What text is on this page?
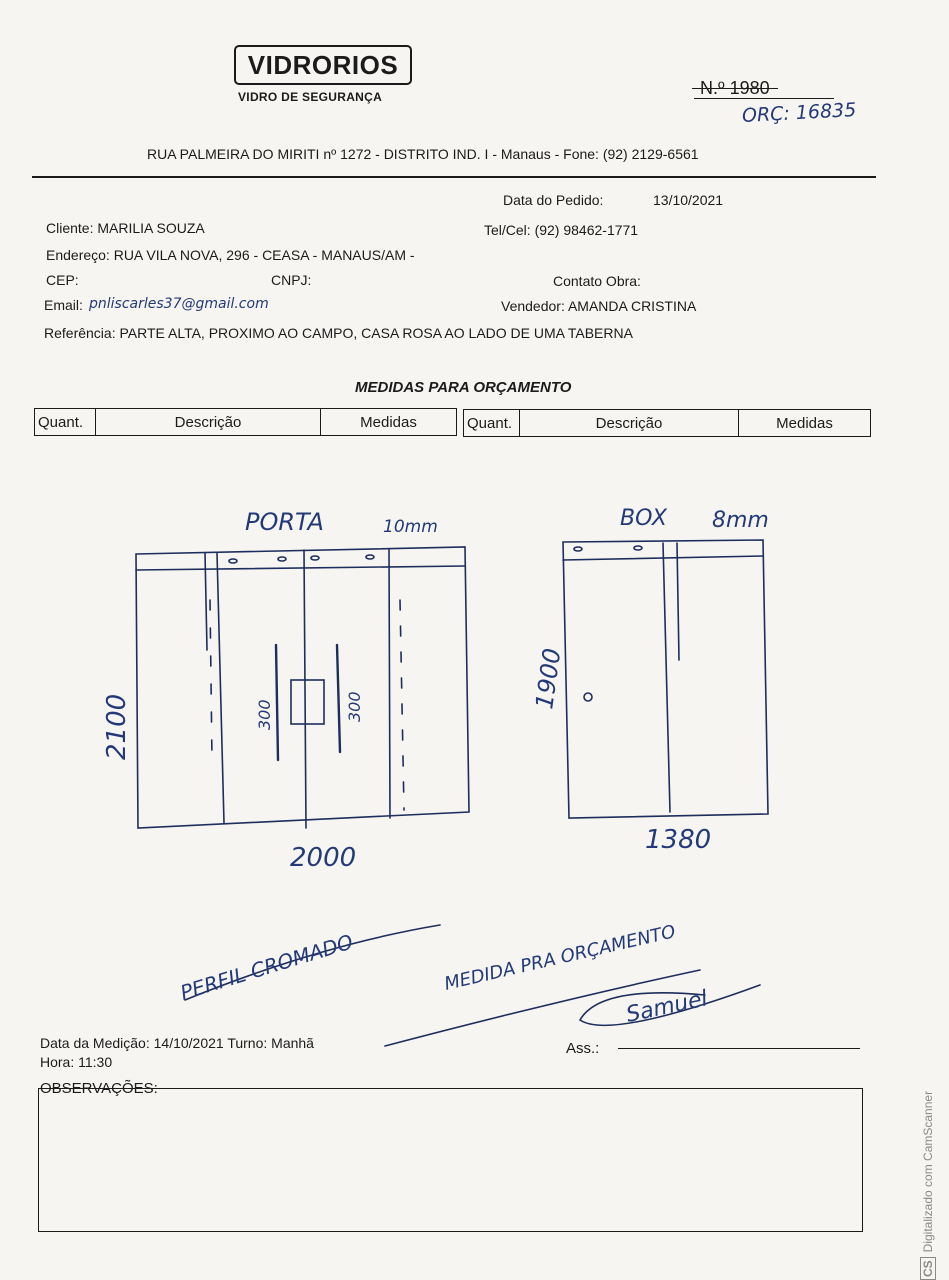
VIDRORIOS
VIDRO DE SEGURANÇA	N.º 1980
ORÇ: 16835
RUA PALMEIRA DO MIRITI nº 1272 - DISTRITO IND. I - Manaus - Fone: (92) 2129-6561
Data do Pedido:	13/10/2021
Cliente: MARILIA SOUZA	Tel/Cel: (92) 98462-1771
Endereço: RUA VILA NOVA, 296 - CEASA - MANAUS/AM -
CEP:	CNPJ:	Contato Obra:
Email: pnliscarles37@gmail.com	Vendedor: AMANDA CRISTINA
Referência: PARTE ALTA, PROXIMO AO CAMPO, CASA ROSA AO LADO DE UMA TABERNA
MEDIDAS PARA ORÇAMENTO
Quant.	Descrição	Medidas	Quant.	Descrição	Medidas
PORTA	10mm	BOX 8mm
2100
2000
300	300	1900
1380
PERFIL CROMADO	MEDIDA PRA ORÇAMENTO
Samuel
Data da Medição: 14/10/2021 Turno: Manhã
Hora: 11:30
Ass.:
OBSERVAÇÕES:
CSDigitalizado com CamScanner
